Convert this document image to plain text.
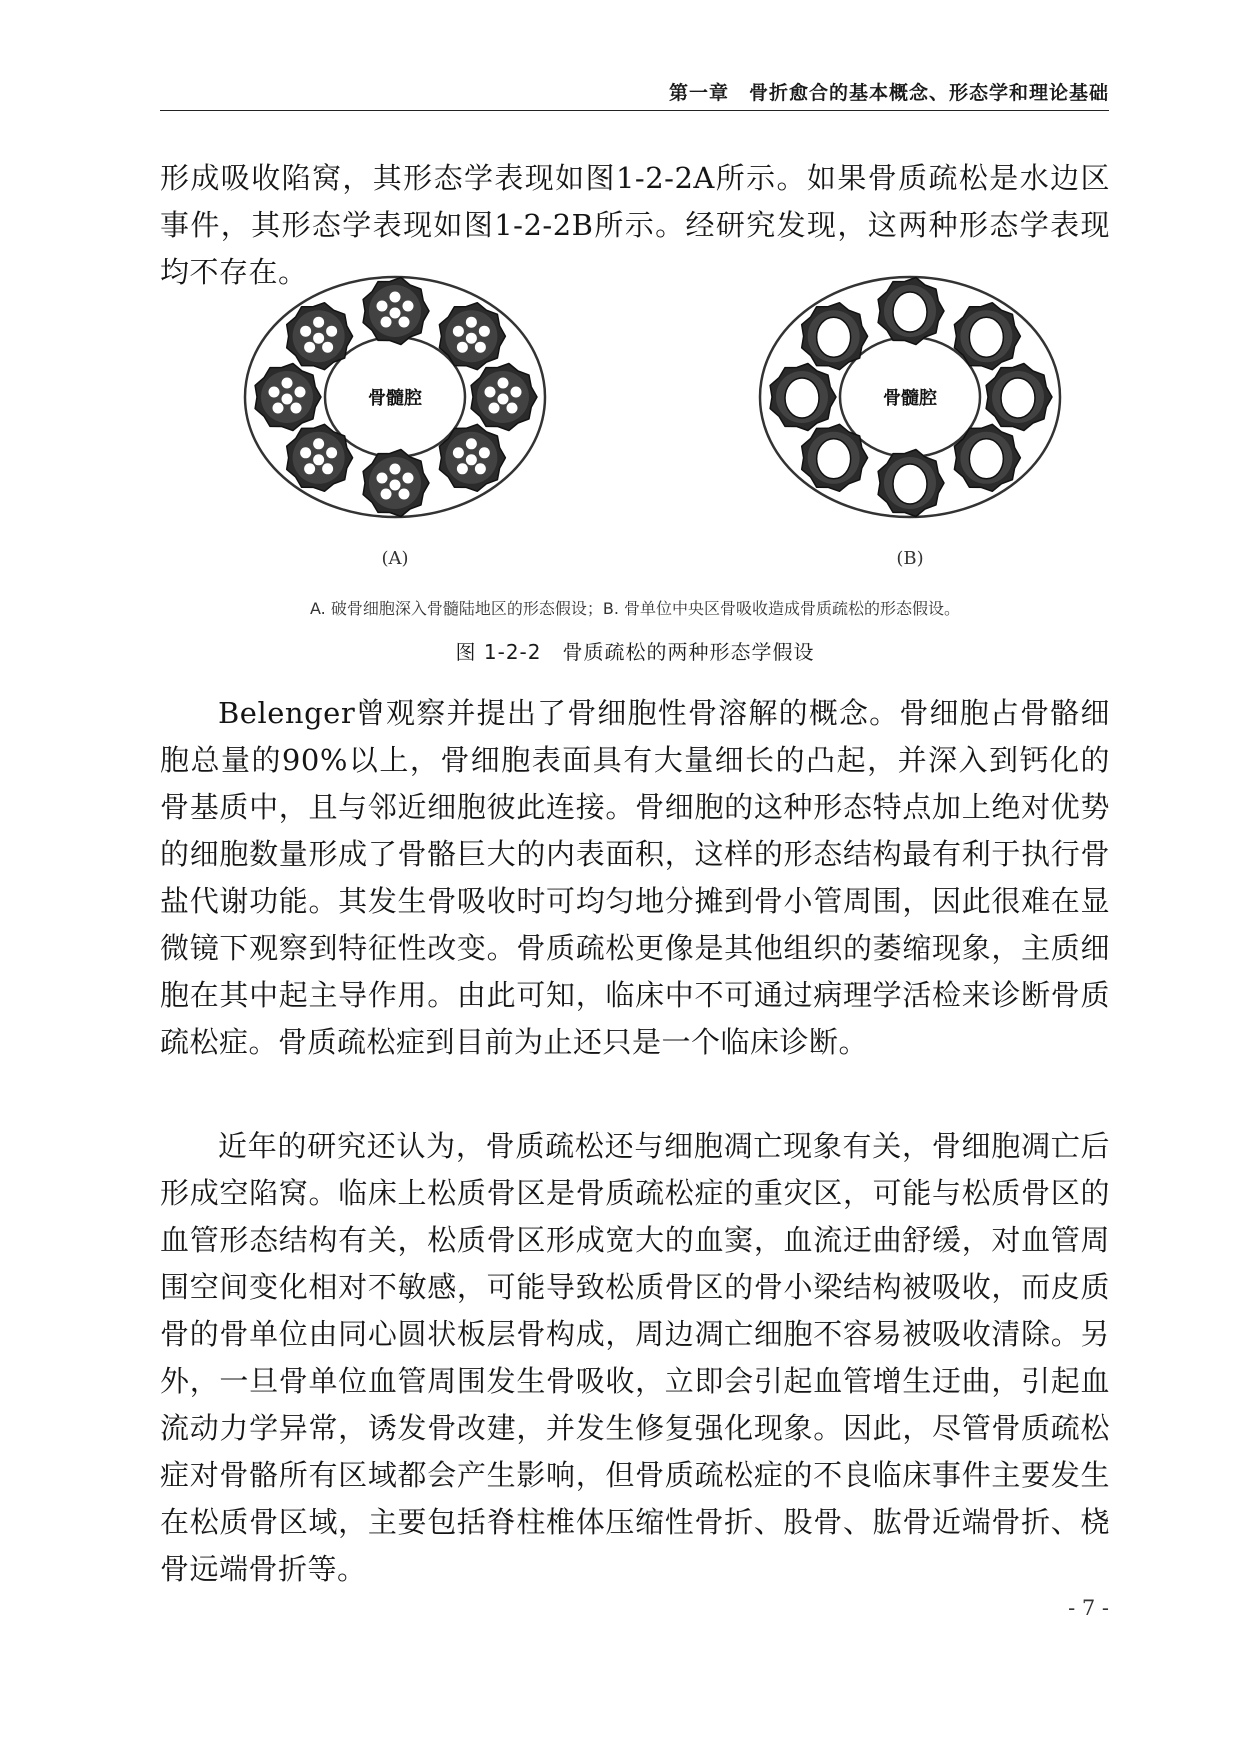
第一章　骨折愈合的基本概念、形态学和理论基础

形成吸收陷窝，其形态学表现如图1-2-2A所示。如果骨质疏松是水边区事件，其形态学表现如图1-2-2B所示。经研究发现，这两种形态学表现均不存在。

骨髓腔
(A)
骨髓腔
(B)
A. 破骨细胞深入骨髓陆地区的形态假设；B. 骨单位中央区骨吸收造成骨质疏松的形态假设。
图 1-2-2　骨质疏松的两种形态学假设

Belenger曾观察并提出了骨细胞性骨溶解的概念。骨细胞占骨骼细胞总量的90%以上，骨细胞表面具有大量细长的凸起，并深入到钙化的骨基质中，且与邻近细胞彼此连接。骨细胞的这种形态特点加上绝对优势的细胞数量形成了骨骼巨大的内表面积，这样的形态结构最有利于执行骨盐代谢功能。其发生骨吸收时可均匀地分摊到骨小管周围，因此很难在显微镜下观察到特征性改变。骨质疏松更像是其他组织的萎缩现象，主质细胞在其中起主导作用。由此可知，临床中不可通过病理学活检来诊断骨质疏松症。骨质疏松症到目前为止还只是一个临床诊断。

近年的研究还认为，骨质疏松还与细胞凋亡现象有关，骨细胞凋亡后形成空陷窝。临床上松质骨区是骨质疏松症的重灾区，可能与松质骨区的血管形态结构有关，松质骨区形成宽大的血窦，血流迂曲舒缓，对血管周围空间变化相对不敏感，可能导致松质骨区的骨小梁结构被吸收，而皮质骨的骨单位由同心圆状板层骨构成，周边凋亡细胞不容易被吸收清除。另外，一旦骨单位血管周围发生骨吸收，立即会引起血管增生迂曲，引起血流动力学异常，诱发骨改建，并发生修复强化现象。因此，尽管骨质疏松症对骨骼所有区域都会产生影响，但骨质疏松症的不良临床事件主要发生在松质骨区域，主要包括脊柱椎体压缩性骨折、股骨、肱骨近端骨折、桡骨远端骨折等。

- 7 -
